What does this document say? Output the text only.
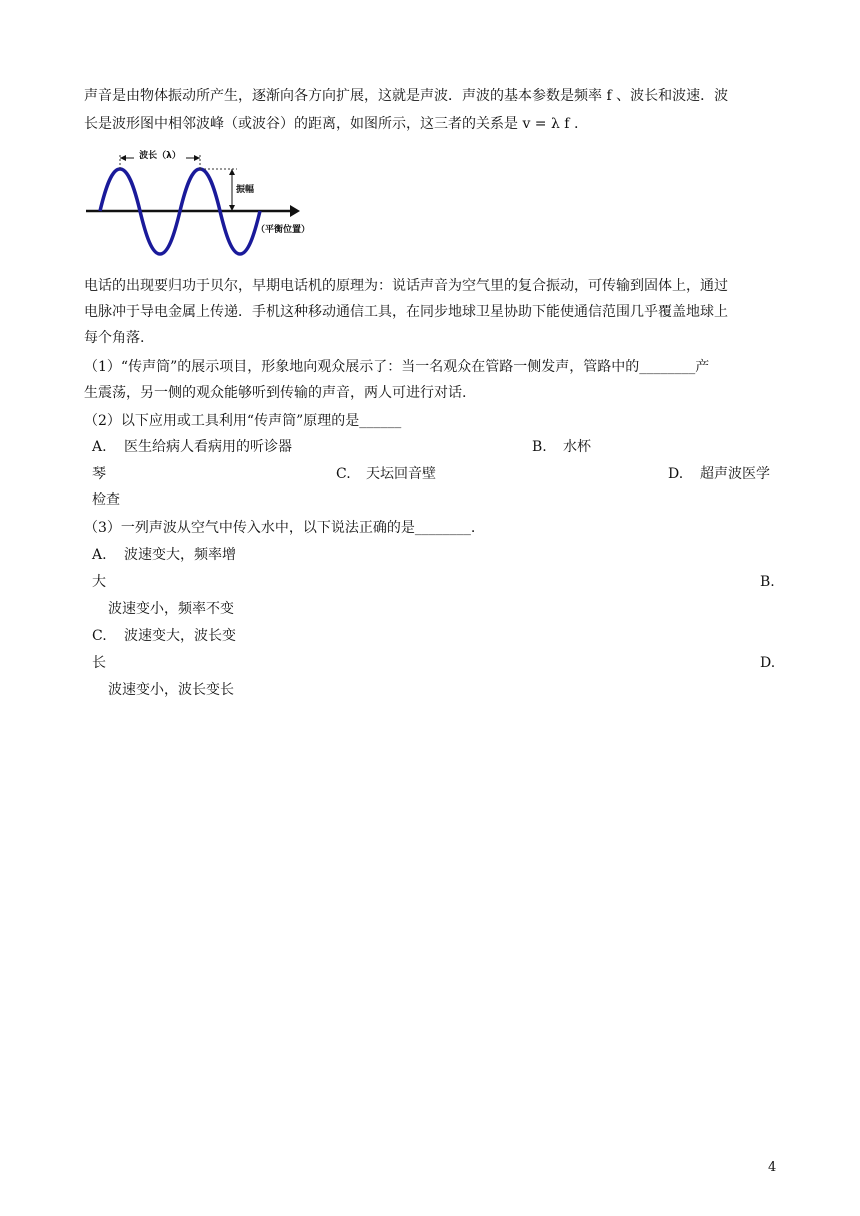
声音是由物体振动所产生，逐渐向各方向扩展，这就是声波．声波的基本参数是频率 f 、波长和波速．波
长是波形图中相邻波峰（或波谷）的距离，如图所示，这三者的关系是 v = λ f .
波长（λ）
振幅
（平衡位置）
电话的出现要归功于贝尔，早期电话机的原理为：说话声音为空气里的复合振动，可传输到固体上，通过
电脉冲于导电金属上传递．手机这种移动通信工具，在同步地球卫星协助下能使通信范围几乎覆盖地球上
每个角落.
（1）“传声筒”的展示项目，形象地向观众展示了：当一名观众在管路一侧发声，管路中的________产
生震荡，另一侧的观众能够听到传输的声音，两人可进行对话.
（2）以下应用或工具利用“传声筒”原理的是______
A. 医生给病人看病用的听诊器	B. 水杯
琴	C. 天坛回音壁	D. 超声波医学
检查
（3）一列声波从空气中传入水中，以下说法正确的是________.
A. 波速变大，频率增
大	B.
波速变小，频率不变
C. 波速变大，波长变
长	D.
波速变小，波长变长
4
